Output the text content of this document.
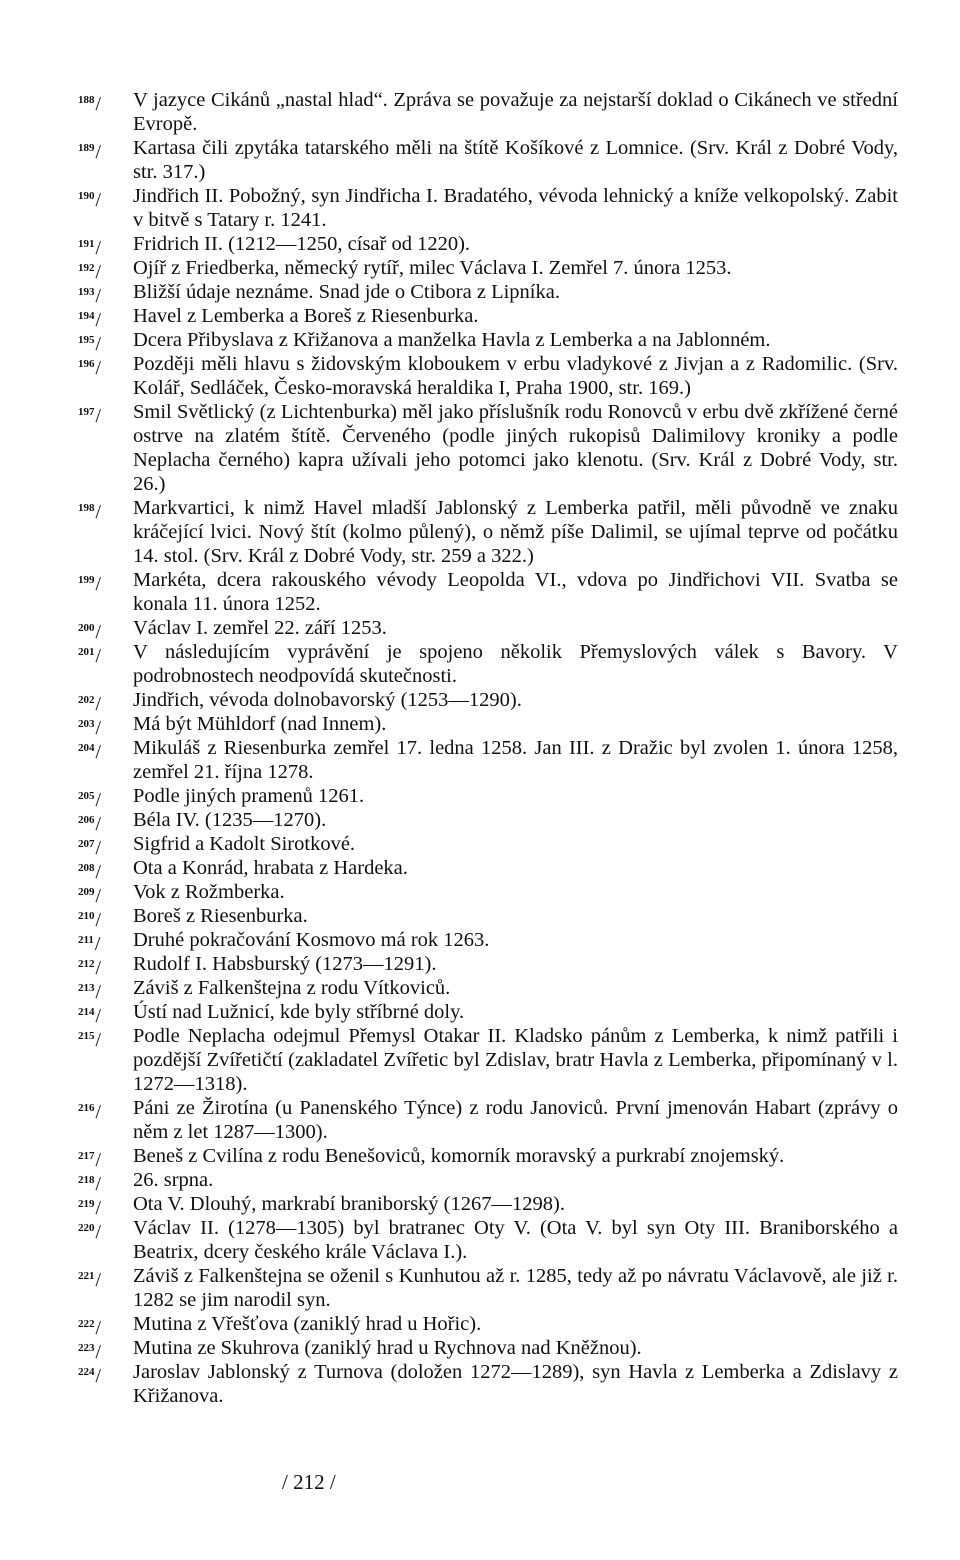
$^{188}$/ V jazyce Cikánů „nastal hlad“. Zpráva se považuje za nejstarší doklad o Cikánech ve střední Evropě.
$^{189}$/ Kartasa čili zpytáka tatarského měli na štítě Košíkové z Lomnice. (Srv. Král z Dobré Vody, str. 317.)
$^{190}$/ Jindřich II. Pobožný, syn Jindřicha I. Bradatého, vévoda lehnický a kníže velkopolský. Zabit v bitvě s Tatary r. 1241.
$^{191}$/ Fridrich II. (1212—1250, císař od 1220).
$^{192}$/ Ojíř z Friedberka, německý rytíř, milec Václava I. Zemřel 7. února 1253.
$^{193}$/ Bližší údaje neznáme. Snad jde o Ctibora z Lipníka.
$^{194}$/ Havel z Lemberka a Boreš z Riesenburka.
$^{195}$/ Dcera Přibyslava z Křižanova a manželka Havla z Lemberka a na Jablonném.
$^{196}$/ Později měli hlavu s židovským kloboukem v erbu vladykové z Jivjan a z Radomilic. (Srv. Kolář, Sedláček, Česko-moravská heraldika I, Praha 1900, str. 169.)
$^{197}$/ Smil Světlický (z Lichtenburka) měl jako příslušník rodu Ronovců v erbu dvě zkřížené černé ostrve na zlatém štítě. Červeného (podle jiných rukopisů Dalimilovy kroniky a podle Neplacha černého) kapra užívali jeho potomci jako klenotu. (Srv. Král z Dobré Vody, str. 26.)
$^{198}$/ Markvartici, k nimž Havel mladší Jablonský z Lemberka patřil, měli původně ve znaku kráčející lvici. Nový štít (kolmo půlený), o němž píše Dalimil, se ujímal teprve od počátku 14. stol. (Srv. Král z Dobré Vody, str. 259 a 322.)
$^{199}$/ Markéta, dcera rakouského vévody Leopolda VI., vdova po Jindřichovi VII. Svatba se konala 11. února 1252.
$^{200}$/ Václav I. zemřel 22. září 1253.
$^{201}$/ V následujícím vyprávění je spojeno několik Přemyslových válek s Bavory. V podrobnostech neodpovídá skutečnosti.
$^{202}$/ Jindřich, vévoda dolnobavorský (1253—1290).
$^{203}$/ Má být Mühldorf (nad Innem).
$^{204}$/ Mikuláš z Riesenburka zemřel 17. ledna 1258. Jan III. z Dražic byl zvolen 1. února 1258, zemřel 21. října 1278.
$^{205}$/ Podle jiných pramenů 1261.
$^{206}$/ Béla IV. (1235—1270).
$^{207}$/ Sigfrid a Kadolt Sirotkové.
$^{208}$/ Ota a Konrád, hrabata z Hardeka.
$^{209}$/ Vok z Rožmberka.
$^{210}$/ Boreš z Riesenburka.
$^{211}$/ Druhé pokračování Kosmovo má rok 1263.
$^{212}$/ Rudolf I. Habsburský (1273—1291).
$^{213}$/ Záviš z Falkenštejna z rodu Vítkoviců.
$^{214}$/ Ústí nad Lužnicí, kde byly stříbrné doly.
$^{215}$/ Podle Neplacha odejmul Přemysl Otakar II. Kladsko pánům z Lemberka, k nimž patřili i pozdější Zvířetičtí (zakladatel Zvířetic byl Zdislav, bratr Havla z Lemberka, připomínaný v l. 1272—1318).
$^{216}$/ Páni ze Žirotína (u Panenského Týnce) z rodu Janoviců. První jmenován Habart (zprávy o něm z let 1287—1300).
$^{217}$/ Beneš z Cvilína z rodu Benešoviců, komorník moravský a purkrabí znojemský.
$^{218}$/ 26. srpna.
$^{219}$/ Ota V. Dlouhý, markrabí braniborský (1267—1298).
$^{220}$/ Václav II. (1278—1305) byl bratranec Oty V. (Ota V. byl syn Oty III. Braniborského a Beatrix, dcery českého krále Václava I.).
$^{221}$/ Záviš z Falkenštejna se oženil s Kunhutou až r. 1285, tedy až po návratu Václavově, ale již r. 1282 se jim narodil syn.
$^{222}$/ Mutina z Vřešťova (zaniklý hrad u Hořic).
$^{223}$/ Mutina ze Skuhrova (zaniklý hrad u Rychnova nad Kněžnou).
$^{224}$/ Jaroslav Jablonský z Turnova (doložen 1272—1289), syn Havla z Lemberka a Zdislavy z Křižanova.
/ 212 /
